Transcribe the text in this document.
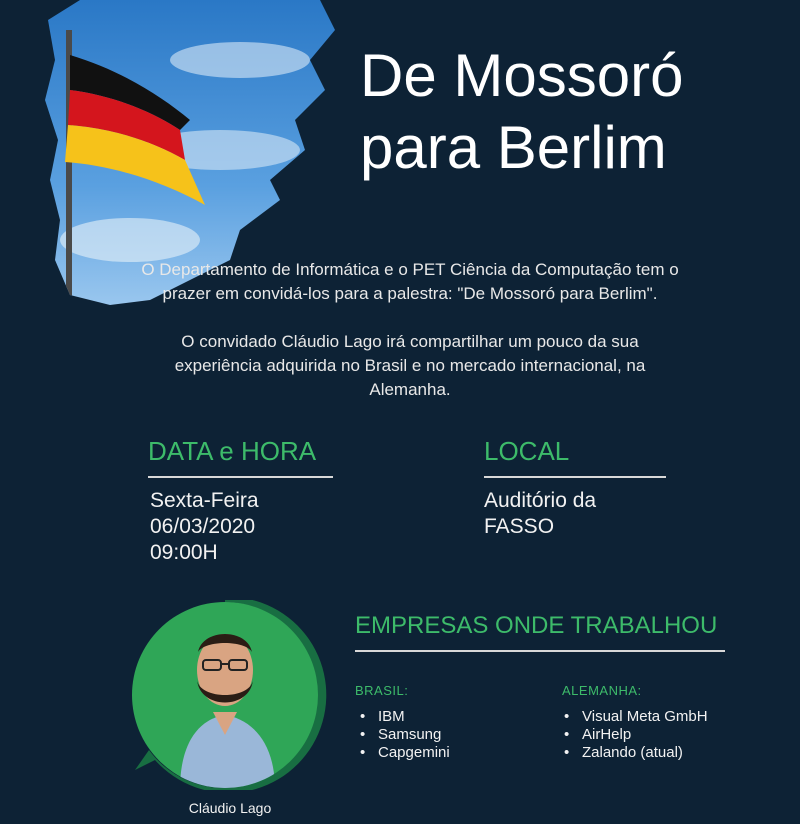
De Mossoró
para Berlim

O Departamento de Informática e o PET Ciência da Computação tem o prazer em convidá-los para a palestra: "De Mossoró para Berlim".

O convidado Cláudio Lago irá compartilhar um pouco da sua experiência adquirida no Brasil e no mercado internacional, na Alemanha.

DATA e HORA
Sexta-Feira
06/03/2020
09:00H
LOCAL
Auditório da
FASSO
Cláudio Lago
EMPRESAS ONDE TRABALHOU
BRASIL:
• IBM
• Samsung
• Capgemini
ALEMANHA:
• Visual Meta GmbH
• AirHelp
• Zalando (atual)
